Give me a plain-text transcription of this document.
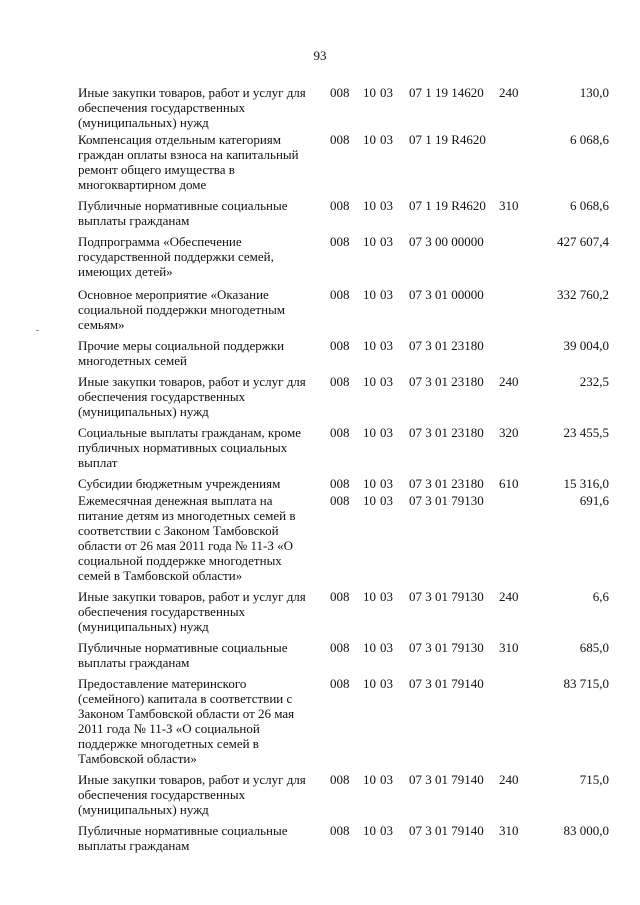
93
Иные закупки товаров, работ и услуг для обеспечения государственных (муниципальных) нужд
008 10 03 07 1 19 14620 240	130,0
Компенсация отдельным категориям граждан оплаты взноса на капитальный ремонт общего имущества в многоквартирном доме
008 10 03 07 1 19 R4620	6 068,6
Публичные нормативные социальные выплаты гражданам
008 10 03 07 1 19 R4620 310	6 068,6
Подпрограмма «Обеспечение государственной поддержки семей, имеющих детей»
008 10 03 07 3 00 00000	427 607,4
Основное мероприятие «Оказание социальной поддержки многодетным семьям»
008 10 03 07 3 01 00000	332 760,2
Прочие меры социальной поддержки многодетных семей
008 10 03 07 3 01 23180	39 004,0
Иные закупки товаров, работ и услуг для обеспечения государственных (муниципальных) нужд
008 10 03 07 3 01 23180 240	232,5
Социальные выплаты гражданам, кроме публичных нормативных социальных выплат
008 10 03 07 3 01 23180 320	23 455,5
Субсидии бюджетным учреждениям	008 10 03 07 3 01 23180 610	15 316,0
Ежемесячная денежная выплата на питание детям из многодетных семей в соответствии с Законом Тамбовской области от 26 мая 2011 года № 11-З «О социальной поддержке многодетных семей в Тамбовской области»
008 10 03 07 3 01 79130	691,6
Иные закупки товаров, работ и услуг для обеспечения государственных (муниципальных) нужд
008 10 03 07 3 01 79130 240	6,6
Публичные нормативные социальные выплаты гражданам
008 10 03 07 3 01 79130 310	685,0
Предоставление материнского (семейного) капитала в соответствии с Законом Тамбовской области от 26 мая 2011 года № 11-З «О социальной поддержке многодетных семей в Тамбовской области»
008 10 03 07 3 01 79140	83 715,0
Иные закупки товаров, работ и услуг для обеспечения государственных (муниципальных) нужд
008 10 03 07 3 01 79140 240	715,0
Публичные нормативные социальные выплаты гражданам
008 10 03 07 3 01 79140 310	83 000,0
